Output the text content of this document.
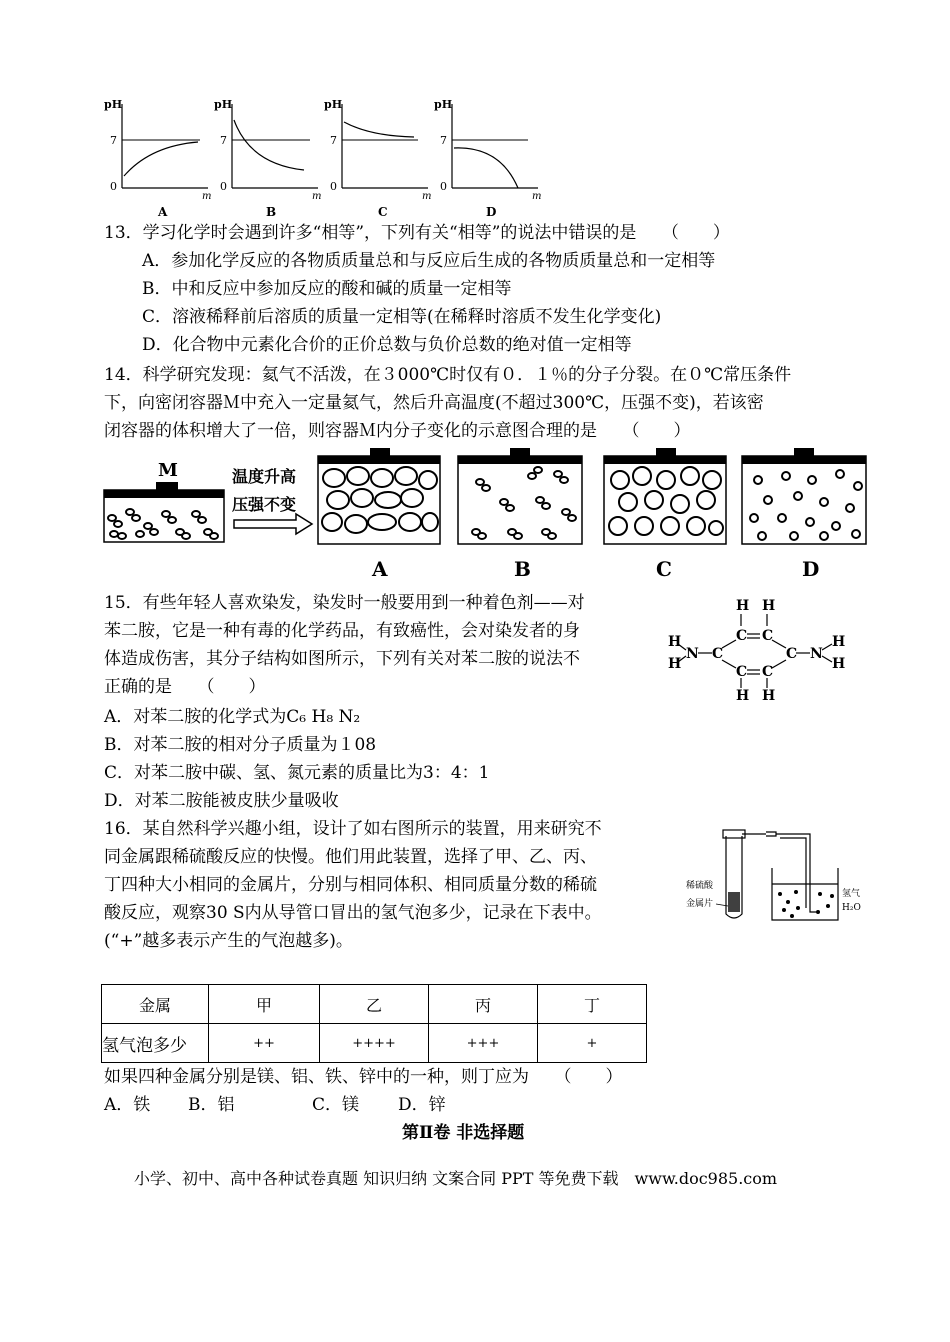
pH
7
0
m
A
pH
7
0
m
B
pH
7
0
m
C
pH
7
0
m
D
13．学习化学时会遇到许多“相等”，下列有关“相等”的说法中错误的是　　（　　）
A．参加化学反应的各物质质量总和与反应后生成的各物质质量总和一定相等
B．中和反应中参加反应的酸和碱的质量一定相等
C．溶液稀释前后溶质的质量一定相等(在稀释时溶质不发生化学变化)
D．化合物中元素化合价的正价总数与负价总数的绝对值一定相等
14．科学研究发现：氦气不活泼，在３000℃时仅有０．１％的分子分裂。在０℃常压条件
下，向密闭容器Ｍ中充入一定量氦气，然后升高温度(不超过300℃，压强不变)，若该密
闭容器的体积增大了一倍，则容器Ｍ内分子变化的示意图合理的是　　（　　）
M	温度升高
压强不变
A	B	C	D
15．有些年轻人喜欢染发，染发时一般要用到一种着色剂——对
苯二胺，它是一种有毒的化学药品，有致癌性，会对染发者的身
体造成伤害，其分子结构如图所示，下列有关对苯二胺的说法不
正确的是　　（　　）
A．对苯二胺的化学式为C₆ H₈ N₂
B．对苯二胺的相对分子质量为１08
C．对苯二胺中碳、氢、氮元素的质量比为3：4：1
D．对苯二胺能被皮肤少量吸收
H H
C C
C	C
C C
H H
N	N
H
H
H
H
16．某自然科学兴趣小组，设计了如右图所示的装置，用来研究不
同金属跟稀硫酸反应的快慢。他们用此装置，选择了甲、乙、丙、
丁四种大小相同的金属片，分别与相同体积、相同质量分数的稀硫
酸反应，观察30 S内从导管口冒出的氢气泡多少，记录在下表中。
(“+”越多表示产生的气泡越多)。
稀硫酸
金属片
氢气
H₂O
金属	甲	乙	丙	丁
氢气泡多少	++	++++	+++	+
如果四种金属分别是镁、铝、铁、锌中的一种，则丁应为　　（　　）
A．铁 B．铝	C．镁 D．锌
第Ⅱ卷 非选择题
小学、初中、高中各种试卷真题 知识归纳 文案合同 PPT 等免费下载　www.doc985.com
